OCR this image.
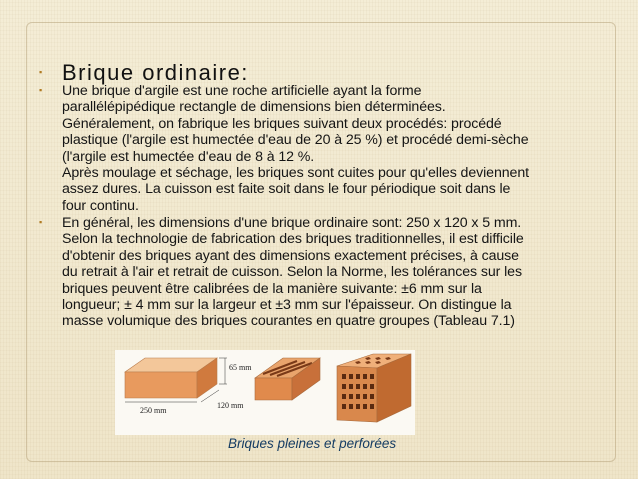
▪ Brique ordinaire:
▪ Une brique d'argile est une roche artificielle ayant la forme
parallélépipédique rectangle de dimensions bien déterminées.
Généralement, on fabrique les briques suivant deux procédés: procédé
plastique (l'argile est humectée d'eau de 20 à 25 %) et procédé demi-sèche
(l'argile est humectée d'eau de 8 à 12 %.
Après moulage et séchage, les briques sont cuites pour qu'elles deviennent
assez dures. La cuisson est faite soit dans le four périodique soit dans le
four continu.
▪ En général, les dimensions d'une brique ordinaire sont: 250 x 120 x 5 mm.
Selon la technologie de fabrication des briques traditionnelles, il est difficile
d'obtenir des briques ayant des dimensions exactement précises, à cause
du retrait à l'air et retrait de cuisson. Selon la Norme, les tolérances sur les
briques peuvent être calibrées de la manière suivante: ±6 mm sur la
longueur; ± 4 mm sur la largeur et ±3 mm sur l'épaisseur. On distingue la
masse volumique des briques courantes en quatre groupes (Tableau 7.1)
65 mm
250 mm
120 mm
Briques pleines et perforées
